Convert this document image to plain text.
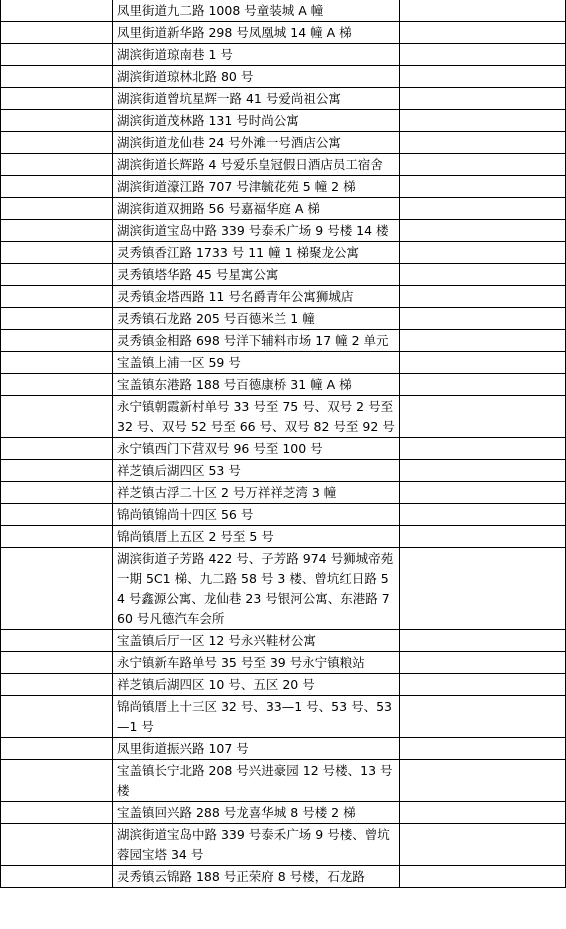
	凤里街道九二路 1008 号童装城 A 幢	
	凤里街道新华路 298 号凤凰城 14 幢 A 梯	
	湖滨街道琼南巷 1 号	
	湖滨街道琼林北路 80 号	
	湖滨街道曾坑星辉一路 41 号爱尚祖公寓	
	湖滨街道茂林路 131 号时尚公寓	
	湖滨街道龙仙巷 24 号外滩一号酒店公寓	
	湖滨街道长辉路 4 号爱乐皇冠假日酒店员工宿舍	
	湖滨街道濠江路 707 号津毓花苑 5 幢 2 梯	
	湖滨街道双拥路 56 号嘉福华庭 A 梯	
	湖滨街道宝岛中路 339 号泰禾广场 9 号楼 14 楼	
	灵秀镇香江路 1733 号 11 幢 1 梯聚龙公寓	
	灵秀镇塔华路 45 号星寓公寓	
	灵秀镇金塔西路 11 号名爵青年公寓狮城店	
	灵秀镇石龙路 205 号百德米兰 1 幢	
	灵秀镇金相路 698 号洋下辅料市场 17 幢 2 单元	
	宝盖镇上浦一区 59 号	
	宝盖镇东港路 188 号百德康桥 31 幢 A 梯	
	永宁镇朝霞新村单号 33 号至 75 号、双号 2 号至 32 号、双号 52 号至 66 号、双号 82 号至 92 号	
	永宁镇西门下营双号 96 号至 100 号	
	祥芝镇后湖四区 53 号	
	祥芝镇古浮二十区 2 号万祥祥芝湾 3 幢	
	锦尚镇锦尚十四区 56 号	
	锦尚镇厝上五区 2 号至 5 号	
	湖滨街道子芳路 422 号、子芳路 974 号狮城帝苑一期 5C1 梯、九二路 58 号 3 楼、曾坑红日路 54 号鑫源公寓、龙仙巷 23 号银河公寓、东港路 760 号凡德汽车会所	
	宝盖镇后厅一区 12 号永兴鞋材公寓	
	永宁镇新车路单号 35 号至 39 号永宁镇粮站	
	祥芝镇后湖四区 10 号、五区 20 号	
	锦尚镇厝上十三区 32 号、33—1 号、53 号、53—1 号	
	凤里街道振兴路 107 号	
	宝盖镇长宁北路 208 号兴进豪园 12 号楼、13 号楼	
	宝盖镇回兴路 288 号龙喜华城 8 号楼 2 梯	
	湖滨街道宝岛中路 339 号泰禾广场 9 号楼、曾坑蓉园宝塔 34 号	
	灵秀镇云锦路 188 号正荣府 8 号楼，石龙路	
